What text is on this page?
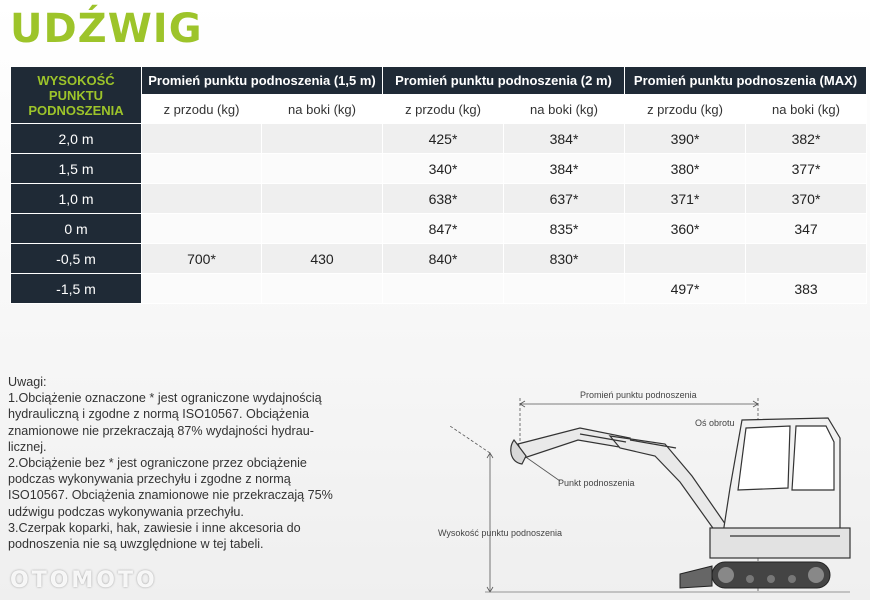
UDŹWIG
WYSOKOŚĆ PUNKTU PODNOSZENIA	Promień punktu podnoszenia (1,5 m)		Promień punktu podnoszenia (2 m)		Promień punktu podnoszenia (MAX)	
	z przodu (kg)	na boki (kg)	z przodu (kg)	na boki (kg)	z przodu (kg)	na boki (kg)
2,0 m			425*	384*	390*	382*
1,5 m			340*	384*	380*	377*
1,0 m			638*	637*	371*	370*
0 m			847*	835*	360*	347
-0,5 m	700*	430	840*	830*		
-1,5 m					497*	383

Uwagi:

1.Obciążenie oznaczone * jest ograniczone wydajnością

hydrauliczną i zgodne z normą ISO10567. Obciążenia

znamionowe nie przekraczają 87% wydajności hydrau-

licznej.

2.Obciążenie bez * jest ograniczone przez obciążenie

podczas wykonywania przechyłu i zgodne z normą

ISO10567. Obciążenia znamionowe nie przekraczają 75%

udźwigu podczas wykonywania przechyłu.

3.Czerpak koparki, hak, zawiesie i inne akcesoria do

podnoszenia nie są uwzględnione w tej tabeli.

Promień punktu podnoszenia
Oś obrotu
Punkt podnoszenia
Wysokość punktu podnoszenia
OTOMOTO
